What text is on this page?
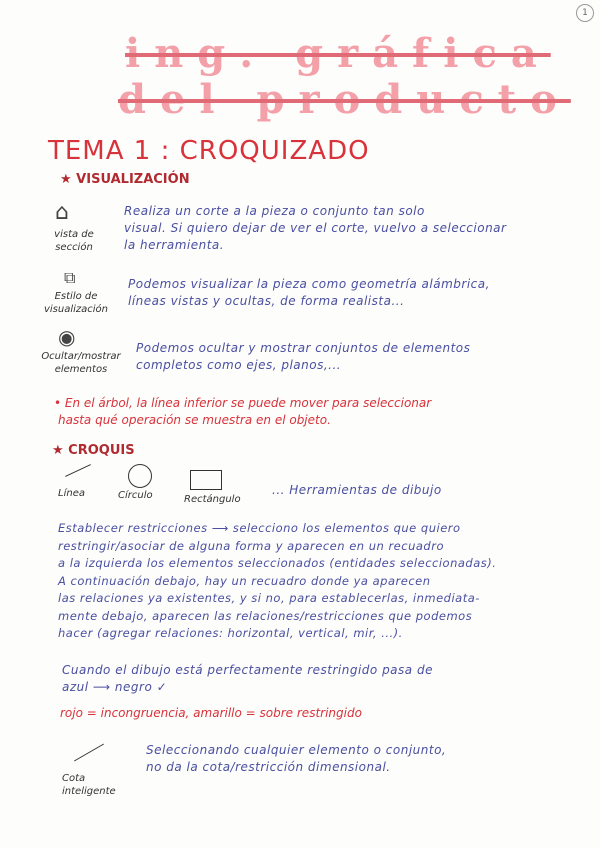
1
ing. gráfica
del producto
TEMA 1 : CROQUIZADO
★ VISUALIZACIÓN
⌂
vista de sección
Realiza un corte a la pieza o conjunto tan solo
visual. Si quiero dejar de ver el corte, vuelvo a seleccionar
la herramienta.
⧉
Estilo de visualización
Podemos visualizar la pieza como geometría alámbrica,
líneas vistas y ocultas, de forma realista...
◉
Ocultar/mostrar elementos
Podemos ocultar y mostrar conjuntos de elementos
completos como ejes, planos,...
• En el árbol, la línea inferior se puede mover para seleccionar
hasta qué operación se muestra en el objeto.
★ CROQUIS
Línea	Círculo	Rectángulo
... Herramientas de dibujo
Establecer restricciones ⟶ selecciono los elementos que quiero
restringir/asociar de alguna forma y aparecen en un recuadro
a la izquierda los elementos seleccionados (entidades seleccionadas).
A continuación debajo, hay un recuadro donde ya aparecen
las relaciones ya existentes, y si no, para establecerlas, inmediata-
mente debajo, aparecen las relaciones/restricciones que podemos
hacer (agregar relaciones: horizontal, vertical, mir, ...).
Cuando el dibujo está perfectamente restringido pasa de
azul ⟶ negro ✓
rojo = incongruencia, amarillo = sobre restringido
Cota inteligente
Seleccionando cualquier elemento o conjunto,
no da la cota/restricción dimensional.
